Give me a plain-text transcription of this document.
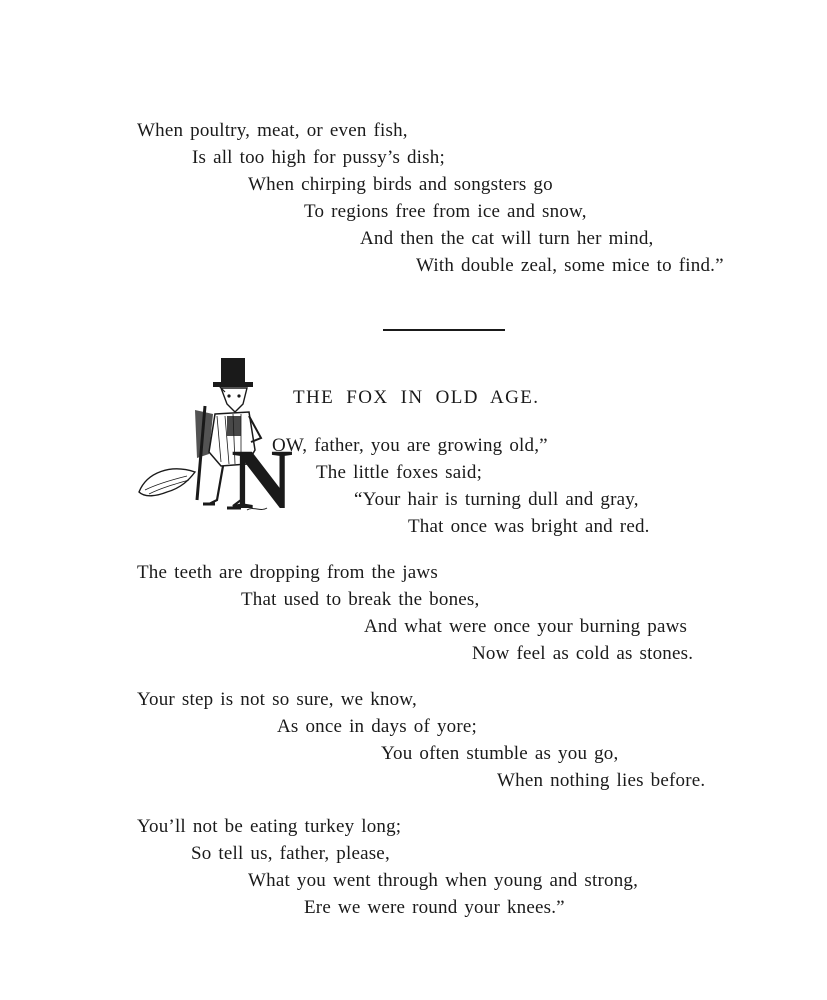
When poultry, meat, or even fish,
Is all too high for pussy’s dish;
When chirping birds and songsters go
To regions free from ice and snow,
And then the cat will turn her mind,
With double zeal, some mice to find.”
THE FOX IN OLD AGE.
N
OW, father, you are growing old,”
The little foxes said;
“Your hair is turning dull and gray,
That once was bright and red.
The teeth are dropping from the jaws
That used to break the bones,
And what were once your burning paws
Now feel as cold as stones.
Your step is not so sure, we know,
As once in days of yore;
You often stumble as you go,
When nothing lies before.
You’ll not be eating turkey long;
So tell us, father, please,
What you went through when young and strong,
Ere we were round your knees.”
